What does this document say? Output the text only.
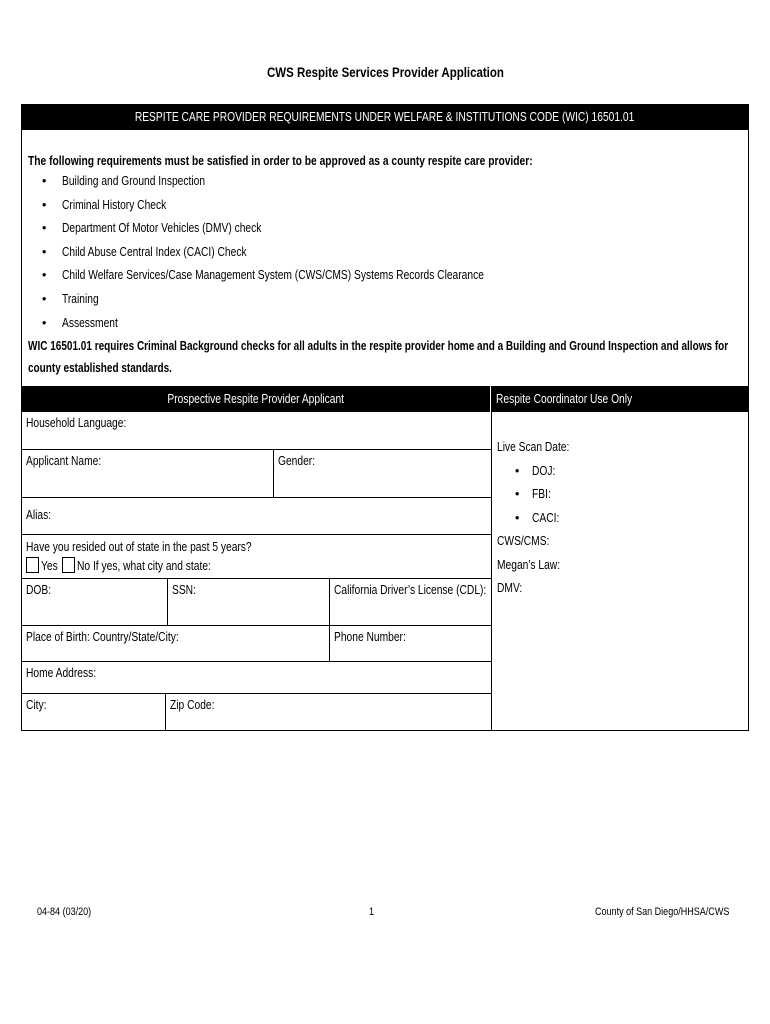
CWS Respite Services Provider Application
RESPITE CARE PROVIDER REQUIREMENTS UNDER WELFARE & INSTITUTIONS CODE (WIC) 16501.01
The following requirements must be satisfied in order to be approved as a county respite care provider:
• Building and Ground Inspection
• Criminal History Check
• Department Of Motor Vehicles (DMV) check
• Child Abuse Central Index (CACI) Check
• Child Welfare Services/Case Management System (CWS/CMS) Systems Records Clearance
• Training
• Assessment
WIC 16501.01 requires Criminal Background checks for all adults in the respite provider home and a Building and Ground Inspection and allows for
county established standards.
Prospective Respite Provider Applicant	Respite Coordinator Use Only
Household Language:
Applicant Name:	Gender:
Alias:
Have you resided out of state in the past 5 years?
Yes No If yes, what city and state:
DOB:	SSN:	California Driver’s License (CDL):
Place of Birth: Country/State/City:	Phone Number:
Home Address:
City:	Zip Code:
Live Scan Date:
• DOJ:
• FBI:
• CACI:
CWS/CMS:
Megan’s Law:
DMV:
04-84 (03/20)	1	County of San Diego/HHSA/CWS
